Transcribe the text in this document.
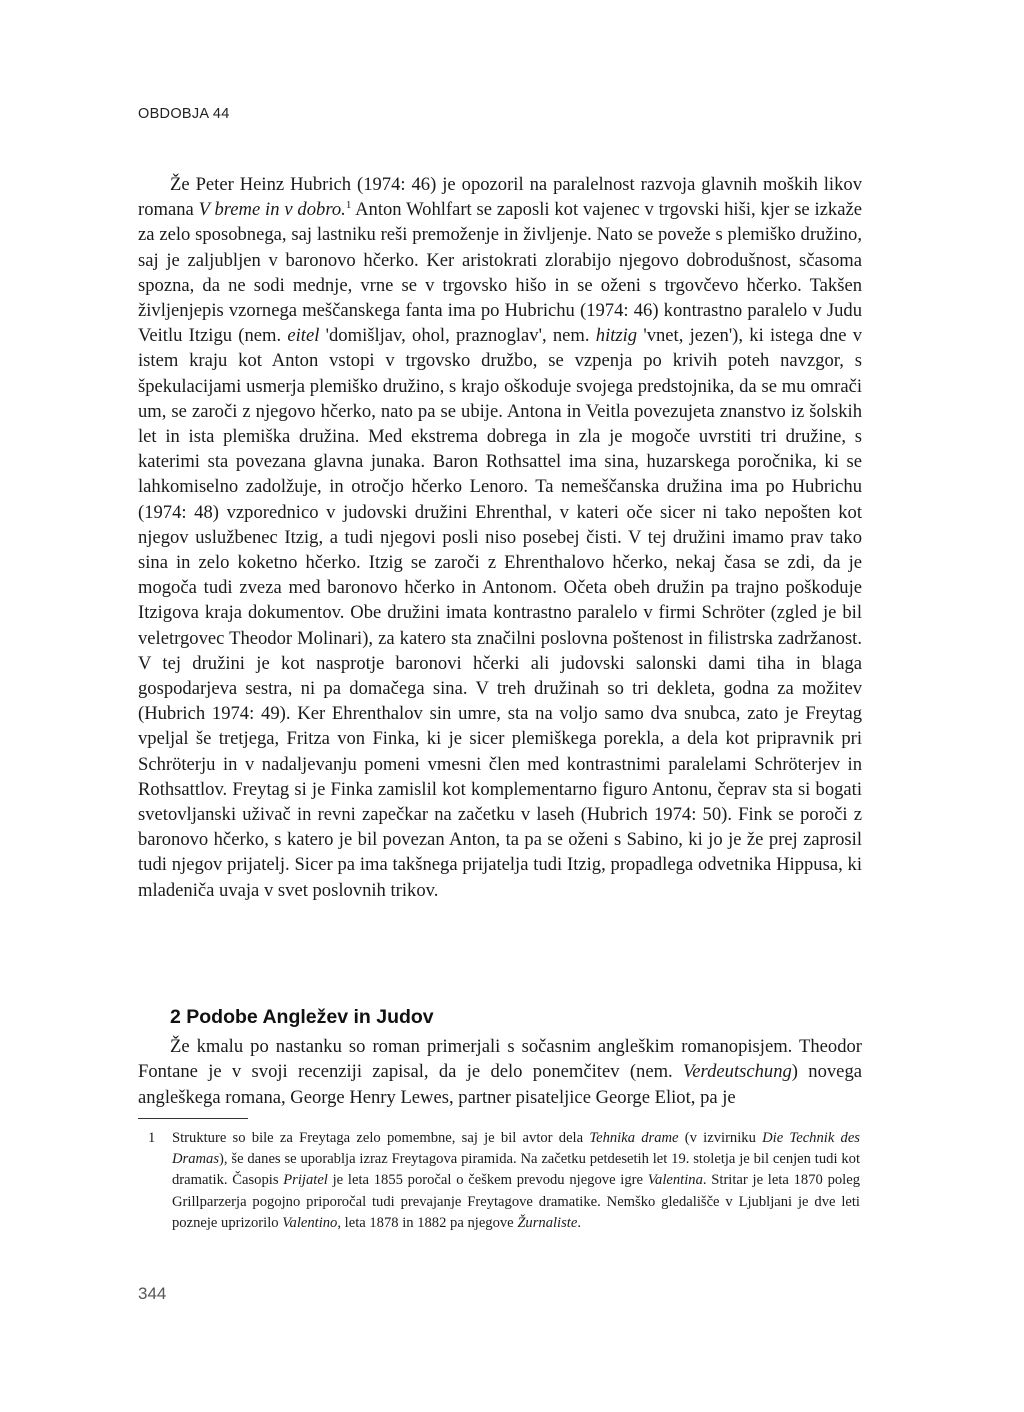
OBDOBJA 44

Že Peter Heinz Hubrich (1974: 46) je opozoril na paralelnost razvoja glavnih moških likov romana V breme in v dobro.$^1$ Anton Wohlfart se zaposli kot vajenec v trgovski hiši, kjer se izkaže za zelo sposobnega, saj lastniku reši premoženje in življenje. Nato se poveže s plemiško družino, saj je zaljubljen v baronovo hčerko. Ker aristokrati zlorabijo njegovo dobrodušnost, sčasoma spozna, da ne sodi mednje, vrne se v trgovsko hišo in se oženi s trgovčevo hčerko. Takšen življenjepis vzornega meščanskega fanta ima po Hubrichu (1974: 46) kontrastno paralelo v Judu Veitlu Itzigu (nem. eitel 'domišljav, ohol, praznoglav', nem. hitzig 'vnet, jezen'), ki istega dne v istem kraju kot Anton vstopi v trgovsko družbo, se vzpenja po krivih poteh navzgor, s špekulacijami usmerja plemiško družino, s krajo oškoduje svojega predstojnika, da se mu omrači um, se zaroči z njegovo hčerko, nato pa se ubije. Antona in Veitla povezujeta znanstvo iz šolskih let in ista plemiška družina. Med ekstrema dobrega in zla je mogoče uvrstiti tri družine, s katerimi sta povezana glavna junaka. Baron Rothsattel ima sina, huzarskega poročnika, ki se lahkomiselno zadolžuje, in otročjo hčerko Lenoro. Ta nemeščanska družina ima po Hubrichu (1974: 48) vzporednico v judovski družini Ehrenthal, v kateri oče sicer ni tako nepošten kot njegov uslužbenec Itzig, a tudi njegovi posli niso posebej čisti. V tej družini imamo prav tako sina in zelo koketno hčerko. Itzig se zaroči z Ehrenthalovo hčerko, nekaj časa se zdi, da je mogoča tudi zveza med baronovo hčerko in Antonom. Očeta obeh družin pa trajno poškoduje Itzigova kraja dokumentov. Obe družini imata kontrastno paralelo v firmi Schröter (zgled je bil veletrgovec Theodor Molinari), za katero sta značilni poslovna poštenost in filistrska zadržanost. V tej družini je kot nasprotje baronovi hčerki ali judovski salonski dami tiha in blaga gospodarjeva sestra, ni pa domačega sina. V treh družinah so tri dekleta, godna za možitev (Hubrich 1974: 49). Ker Ehrenthalov sin umre, sta na voljo samo dva snubca, zato je Freytag vpeljal še tretjega, Fritza von Finka, ki je sicer plemiškega porekla, a dela kot pripravnik pri Schröterju in v nadaljevanju pomeni vmesni člen med kontrastnimi paralelami Schröterjev in Rothsattlov. Freytag si je Finka zamislil kot komplementarno figuro Antonu, čeprav sta si bogati svetovljanski uživač in revni zapečkar na začetku v laseh (Hubrich 1974: 50). Fink se poroči z baronovo hčerko, s katero je bil povezan Anton, ta pa se oženi s Sabino, ki jo je že prej zaprosil tudi njegov prijatelj. Sicer pa ima takšnega prijatelja tudi Itzig, propadlega odvetnika Hippusa, ki mladeniča uvaja v svet poslovnih trikov.

2 Podobe Angležev in Judov

Že kmalu po nastanku so roman primerjali s sočasnim angleškim romanopisjem. Theodor Fontane je v svoji recenziji zapisal, da je delo ponemčitev (nem. Verdeutschung) novega angleškega romana, George Henry Lewes, partner pisateljice George Eliot, pa je

1	Strukture so bile za Freytaga zelo pomembne, saj je bil avtor dela Tehnika drame (v izvirniku Die Technik des Dramas), še danes se uporablja izraz Freytagova piramida. Na začetku petdesetih let 19. stoletja je bil cenjen tudi kot dramatik. Časopis Prijatel je leta 1855 poročal o češkem prevodu njegove igre Valentina. Stritar je leta 1870 poleg Grillparzerja pogojno priporočal tudi prevajanje Freytagove dramatike. Nemško gledališče v Ljubljani je dve leti pozneje uprizorilo Valentino, leta 1878 in 1882 pa njegove Žurnaliste.
344
